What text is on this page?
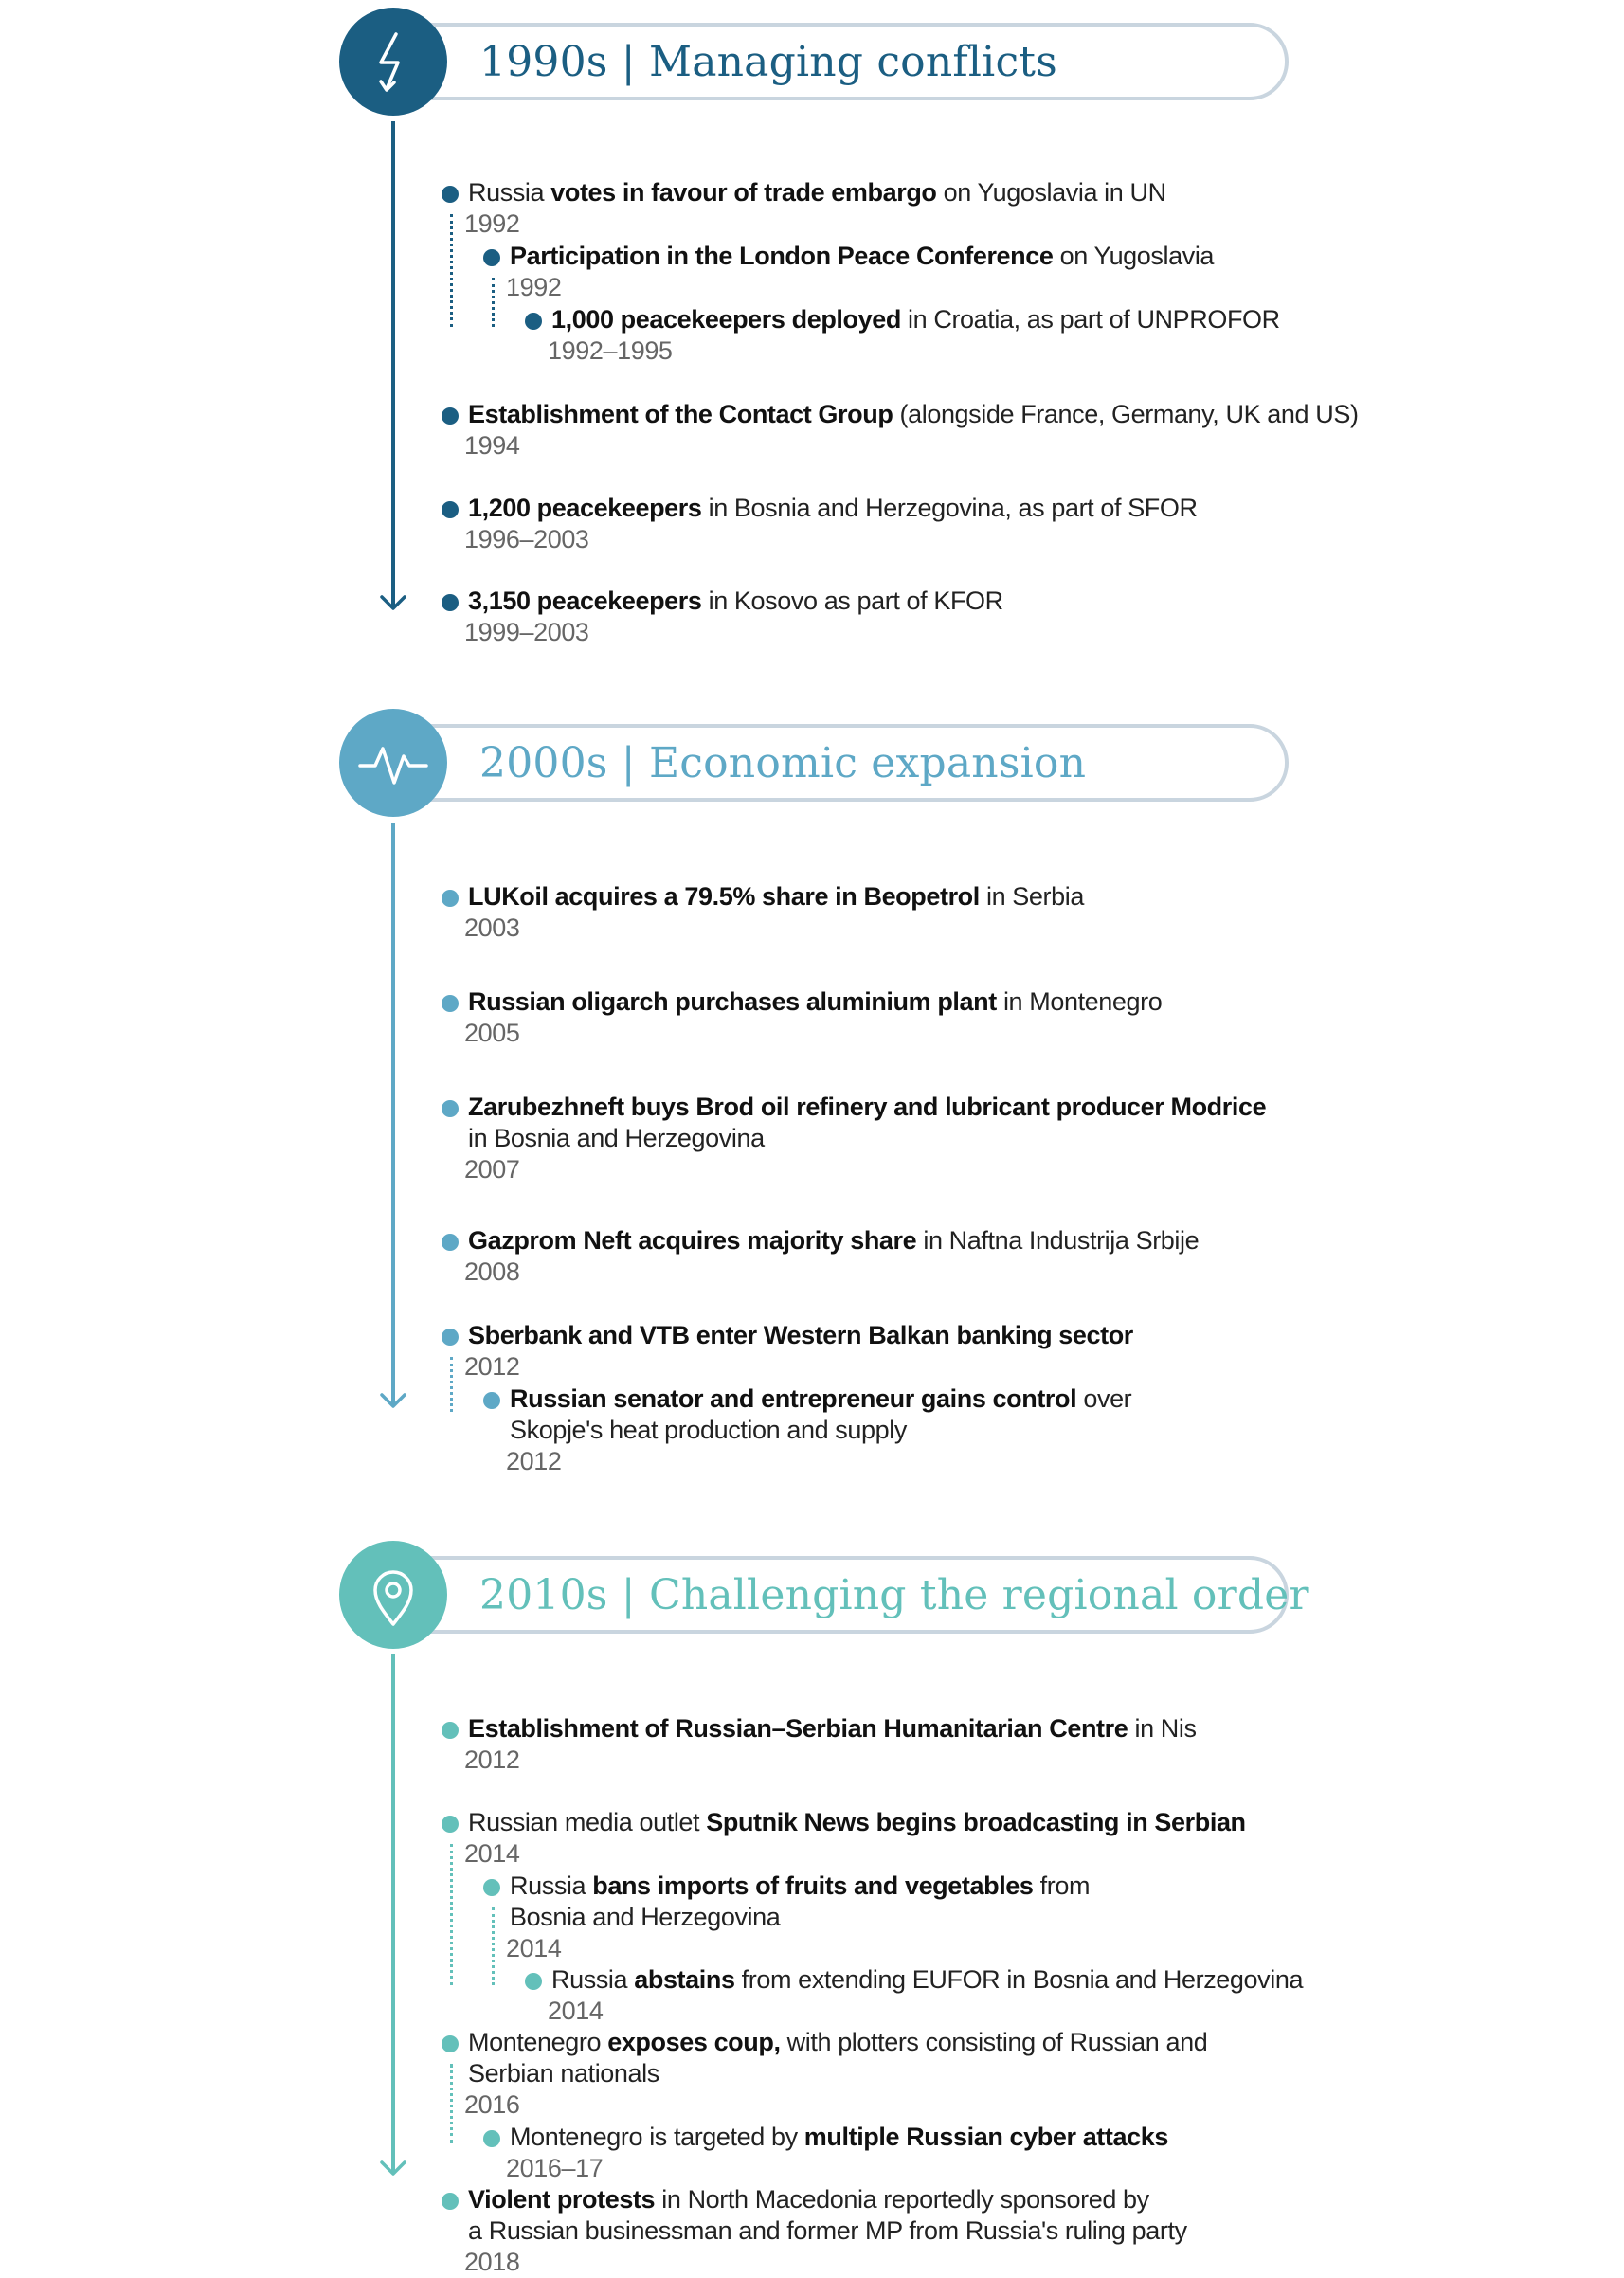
1990s | Managing conflicts
Russia votes in favour of trade embargo on Yugoslavia in UN
1992
Participation in the London Peace Conference on Yugoslavia
1992
1,000 peacekeepers deployed in Croatia, as part of UNPROFOR
1992–1995
Establishment of the Contact Group (alongside France, Germany, UK and US)
1994
1,200 peacekeepers in Bosnia and Herzegovina, as part of SFOR
1996–2003
3,150 peacekeepers in Kosovo as part of KFOR
1999–2003
2000s | Economic expansion
LUKoil acquires a 79.5% share in Beopetrol in Serbia
2003
Russian oligarch purchases aluminium plant in Montenegro
2005
Zarubezhneft buys Brod oil refinery and lubricant producer Modrice
in Bosnia and Herzegovina
2007
Gazprom Neft acquires majority share in Naftna Industrija Srbije
2008
Sberbank and VTB enter Western Balkan banking sector
2012
Russian senator and entrepreneur gains control over
Skopje's heat production and supply
2012
2010s | Challenging the regional order
Establishment of Russian–Serbian Humanitarian Centre in Nis
2012
Russian media outlet Sputnik News begins broadcasting in Serbian
2014
Russia bans imports of fruits and vegetables from
Bosnia and Herzegovina
2014
Russia abstains from extending EUFOR in Bosnia and Herzegovina
2014
Montenegro exposes coup, with plotters consisting of Russian and
Serbian nationals
2016
Montenegro is targeted by multiple Russian cyber attacks
2016–17
Violent protests in North Macedonia reportedly sponsored by
a Russian businessman and former MP from Russia's ruling party
2018
